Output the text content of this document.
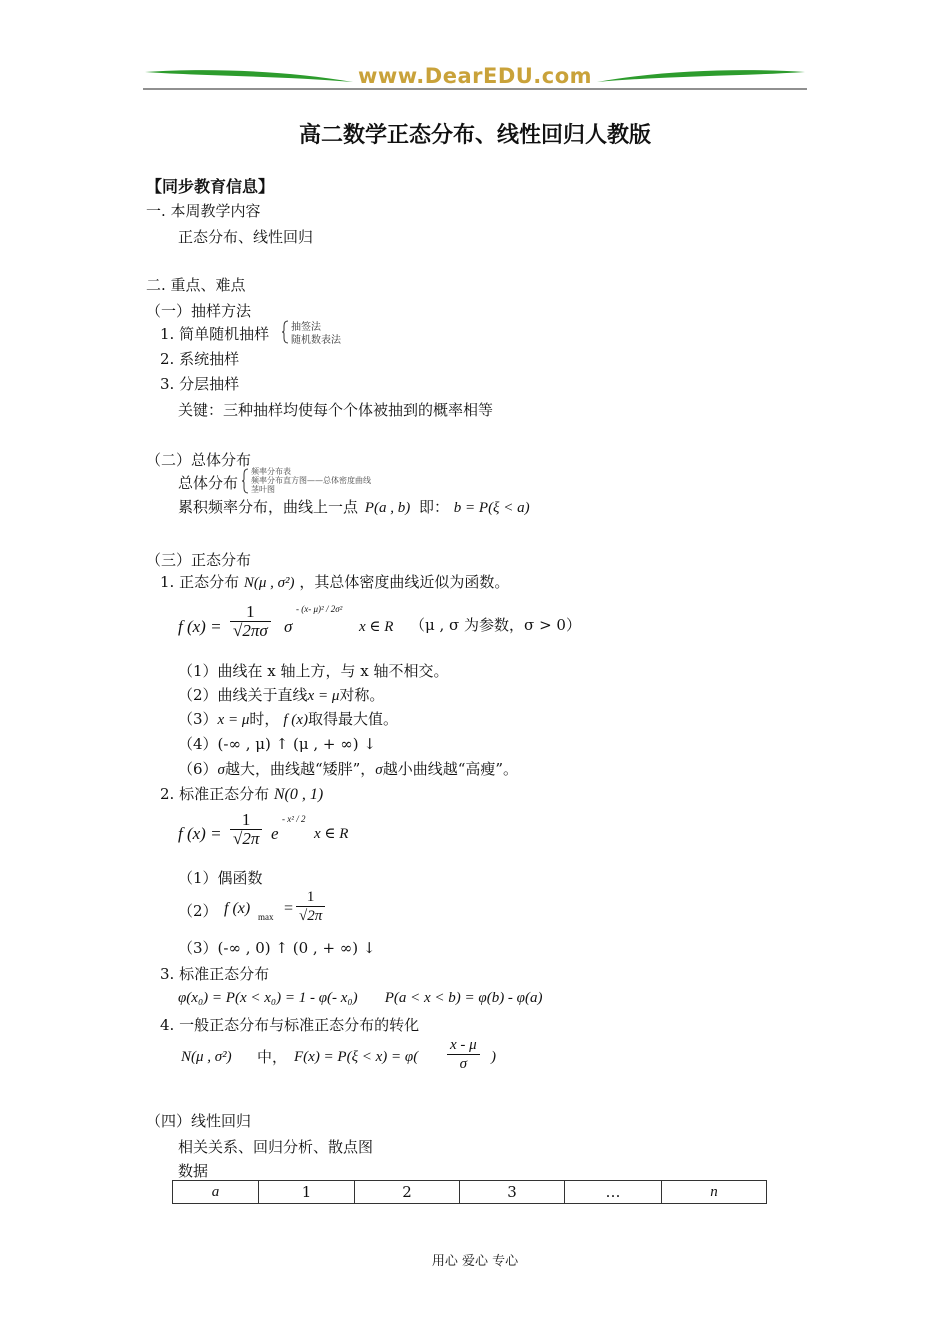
www.DearEDU.com
高二数学正态分布、线性回归人教版
【同步教育信息】
一. 本周教学内容
正态分布、线性回归
二. 重点、难点
（一）抽样方法
1. 简单随机抽样 抽签法
随机数表法
2. 系统抽样
3. 分层抽样
关键：三种抽样均使每个个体被抽到的概率相等
（二）总体分布
总体分布
频率分布表
频率分布直方图——总体密度曲线
茎叶图
累积频率分布，曲线上一点 P(a , b) 即： b = P(ξ < a)
（三）正态分布
1. 正态分布 N(μ , σ²) ，其总体密度曲线近似为函数。
f $(x) = \frac{1}{√2\pi\sigma}$ σ
- (x- μ)² / 2σ²
x ∈ R （μ , σ 为参数，σ > 0）
（1）曲线在 x 轴上方，与 x 轴不相交。
（2）曲线关于直线x = μ对称。
（3）x = μ时， f (x)取得最大值。
（4）(-∞ , μ) ↑ (μ , + ∞) ↓
（6）σ越大，曲线越“矮胖”，σ越小曲线越“高瘦”。
2. 标准正态分布 N(0 , 1)
f $(x) = \frac{1}{√2\pi}$ e
- x² / 2
x ∈ R
（1）偶函数
（2） f (x) $\max = \frac{1}{√2\pi}$
（3）(-∞ , 0) ↑ (0 , + ∞) ↓
3. 标准正态分布
φ(x₀) = P(x < x₀) = 1 - φ(- x₀) P(a < x < b) = φ(b) - φ(a)
4. 一般正态分布与标准正态分布的转化
N(μ , σ²) 中， $F(x) = P(\xi < x) = \varphi( \frac{x - \mu}{\sigma}$ )
（四）线性回归
相关关系、回归分析、散点图
数据
a	1	2	3	…	n
用心 爱心 专心
